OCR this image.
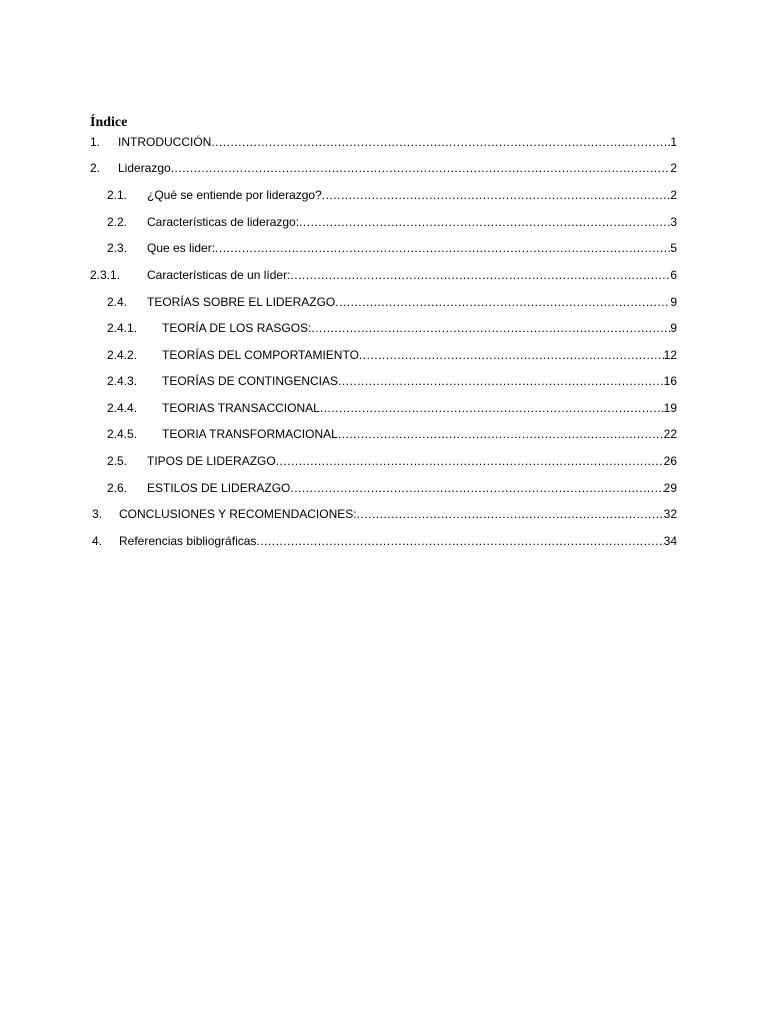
Índice
1. INTRODUCCIÓN .....	1
2. Liderazgo .....	2
2.1. ¿Qué se entiende por liderazgo? .....	2
2.2. Características de liderazgo: .....	3
2.3. Que es lider: .....	5
2.3.1. Características de un líder: .....	6
2.4. TEORÍAS SOBRE EL LIDERAZGO .....	9
2.4.1. TEORÍA DE LOS RASGOS: .....	9
2.4.2. TEORÍAS DEL COMPORTAMIENTO .....	12
2.4.3. TEORÍAS DE CONTINGENCIAS .....	16
2.4.4. TEORIAS TRANSACCIONAL .....	19
2.4.5. TEORIA TRANSFORMACIONAL .....	22
2.5. TIPOS DE LIDERAZGO .....	26
2.6. ESTILOS DE LIDERAZGO .....	29
3. CONCLUSIONES Y RECOMENDACIONES: .....	32
4. Referencias bibliográficas .....	34
